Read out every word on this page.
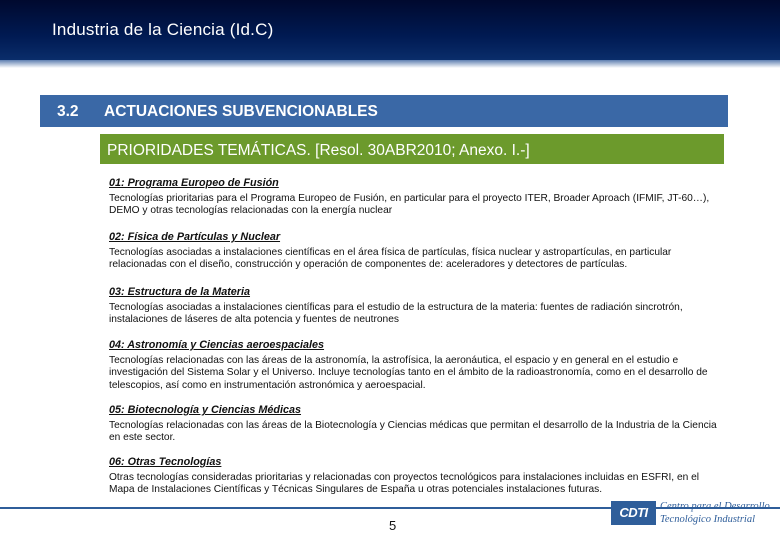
Industria de la Ciencia (Id.C)
3.2 ACTUACIONES SUBVENCIONABLES
PRIORIDADES TEMÁTICAS. [Resol. 30ABR2010; Anexo. I.-]
01: Programa Europeo de Fusión
Tecnologías prioritarias para el Programa Europeo de Fusión, en particular para el proyecto ITER, Broader Aproach (IFMIF, JT-60…), DEMO y otras tecnologías relacionadas con la energía nuclear
02: Física de Partículas y Nuclear
Tecnologías asociadas a instalaciones científicas en el área física de partículas, física nuclear y astropartículas, en particular relacionadas con el diseño, construcción y operación de componentes de: aceleradores y detectores de partículas.
03: Estructura de la Materia
Tecnologías asociadas a instalaciones científicas para el estudio de la estructura de la materia: fuentes de radiación sincrotrón, instalaciones de láseres de alta potencia y fuentes de neutrones
04: Astronomía y Ciencias aeroespaciales
Tecnologías relacionadas con las áreas de la astronomía, la astrofísica, la aeronáutica, el espacio y en general en el estudio e investigación del Sistema Solar y el Universo. Incluye tecnologías tanto en el ámbito de la radioastronomía, como en el desarrollo de telescopios, así como en instrumentación astronómica y aeroespacial.
05: Biotecnología y Ciencias Médicas
Tecnologías relacionadas con las áreas de la Biotecnología y Ciencias médicas que permitan el desarrollo de la Industria de la Ciencia en este sector.
06: Otras Tecnologías
Otras tecnologías consideradas prioritarias y relacionadas con proyectos tecnológicos para instalaciones incluidas en ESFRI, en el Mapa de Instalaciones Científicas y Técnicas Singulares de España u otras potenciales instalaciones futuras.
5
CDTI	Centro para el Desarrollo
Tecnológico Industrial
